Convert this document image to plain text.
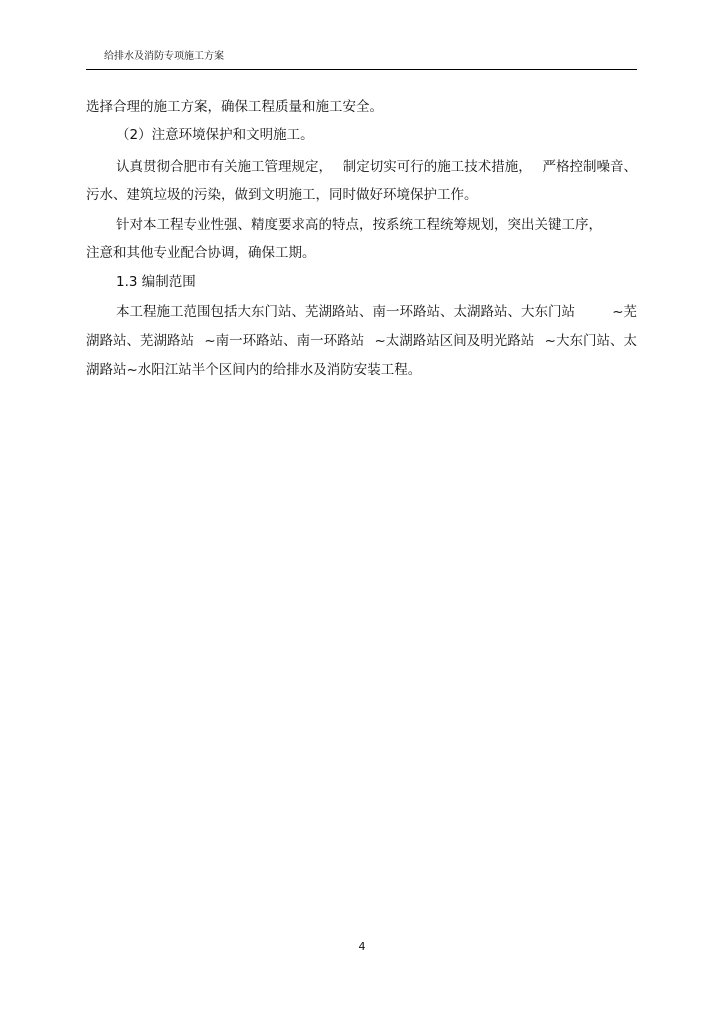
给排水及消防专项施工方案
选择合理的施工方案，确保工程质量和施工安全。
（2）注意环境保护和文明施工。
认真贯彻合肥市有关施工管理规定， 制定切实可行的施工技术措施， 严格控制噪音、
污水、建筑垃圾的污染，做到文明施工，同时做好环境保护工作。
针对本工程专业性强、精度要求高的特点，按系统工程统筹规划，突出关键工序，
注意和其他专业配合协调，确保工期。
1.3 编制范围
本工程施工范围包括大东门站、芜湖路站、南一环路站、太湖路站、大东门站	~芜
湖路站、芜湖路站 ~南一环路站、南一环路站 ~太湖路站区间及明光路站 ~大东门站、太
湖路站~水阳江站半个区间内的给排水及消防安装工程。
4
